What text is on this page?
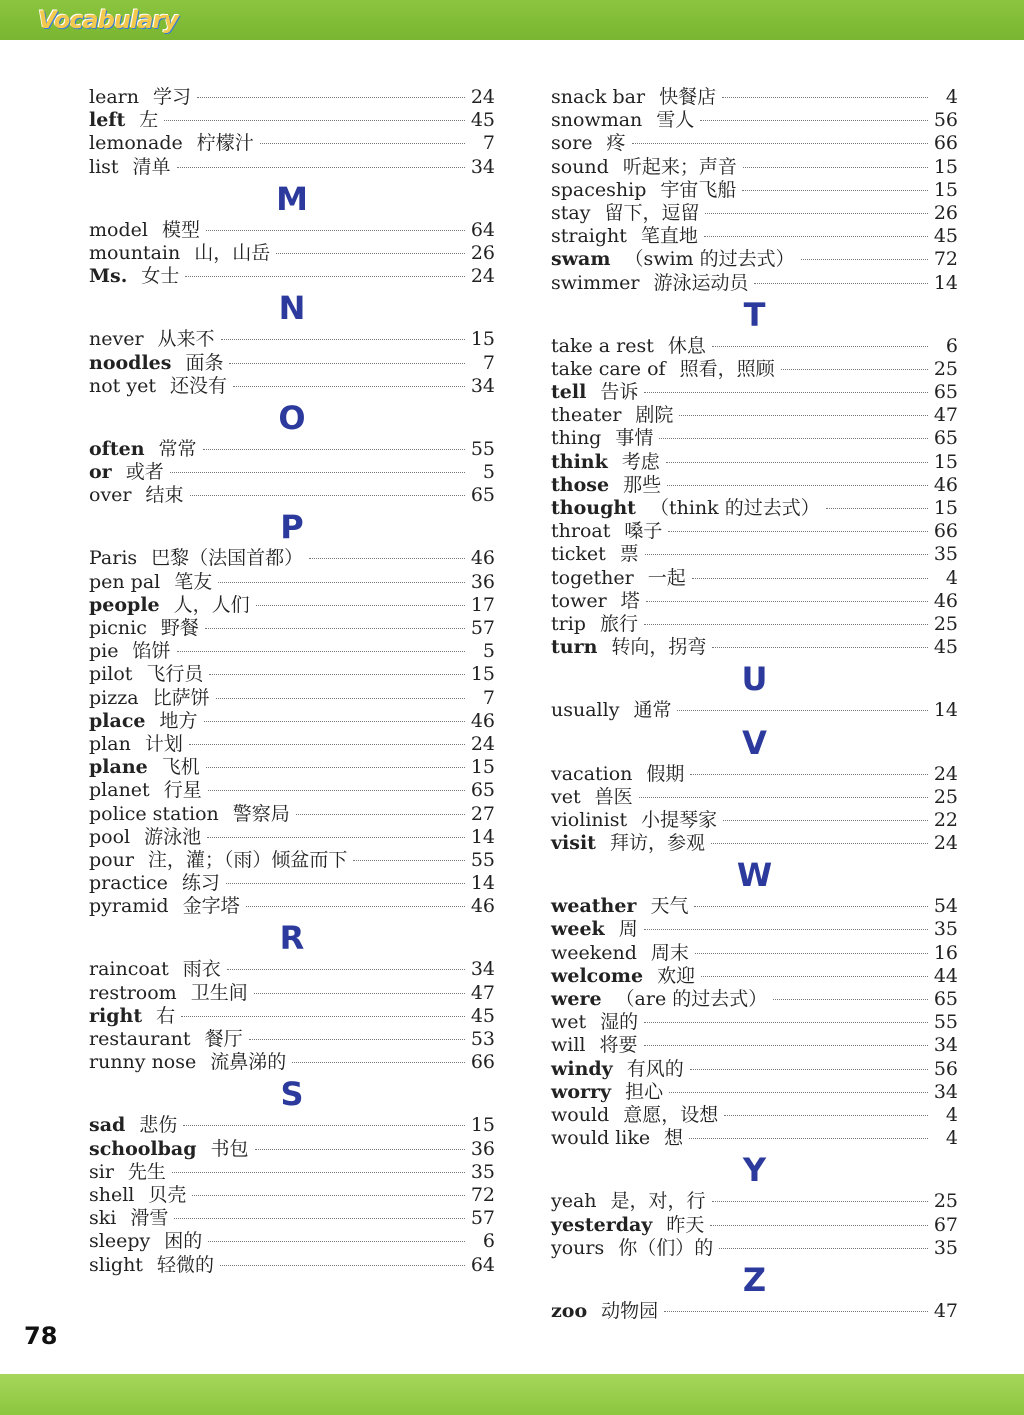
Vocabulary
learn 学习	24
left 左	45
lemonade 柠檬汁	7
list 清单	34
M
model 模型	64
mountain 山，山岳	26
Ms. 女士	24
N
never 从来不	15
noodles 面条	7
not yet 还没有	34
O
often 常常	55
or 或者	5
over 结束	65
P
Paris 巴黎（法国首都）	46
pen pal 笔友	36
people 人，人们	17
picnic 野餐	57
pie 馅饼	5
pilot 飞行员	15
pizza 比萨饼	7
place 地方	46
plan 计划	24
plane 飞机	15
planet 行星	65
police station 警察局	27
pool 游泳池	14
pour 注，灌；（雨）倾盆而下	55
practice 练习	14
pyramid 金字塔	46
R
raincoat 雨衣	34
restroom 卫生间	47
right 右	45
restaurant 餐厅	53
runny nose 流鼻涕的	66
S
sad 悲伤	15
schoolbag 书包	36
sir 先生	35
shell 贝壳	72
ski 滑雪	57
sleepy 困的	6
slight 轻微的	64
snack bar 快餐店	4
snowman 雪人	56
sore 疼	66
sound 听起来；声音	15
spaceship 宇宙飞船	15
stay 留下，逗留	26
straight 笔直地	45
swam （swim 的过去式）	72
swimmer 游泳运动员	14
T
take a rest 休息	6
take care of 照看，照顾	25
tell 告诉	65
theater 剧院	47
thing 事情	65
think 考虑	15
those 那些	46
thought （think 的过去式）	15
throat 嗓子	66
ticket 票	35
together 一起	4
tower 塔	46
trip 旅行	25
turn 转向，拐弯	45
U
usually 通常	14
V
vacation 假期	24
vet 兽医	25
violinist 小提琴家	22
visit 拜访，参观	24
W
weather 天气	54
week 周	35
weekend 周末	16
welcome 欢迎	44
were （are 的过去式）	65
wet 湿的	55
will 将要	34
windy 有风的	56
worry 担心	34
would 意愿，设想	4
would like 想	4
Y
yeah 是，对，行	25
yesterday 昨天	67
yours 你（们）的	35
Z
zoo 动物园	47
78
